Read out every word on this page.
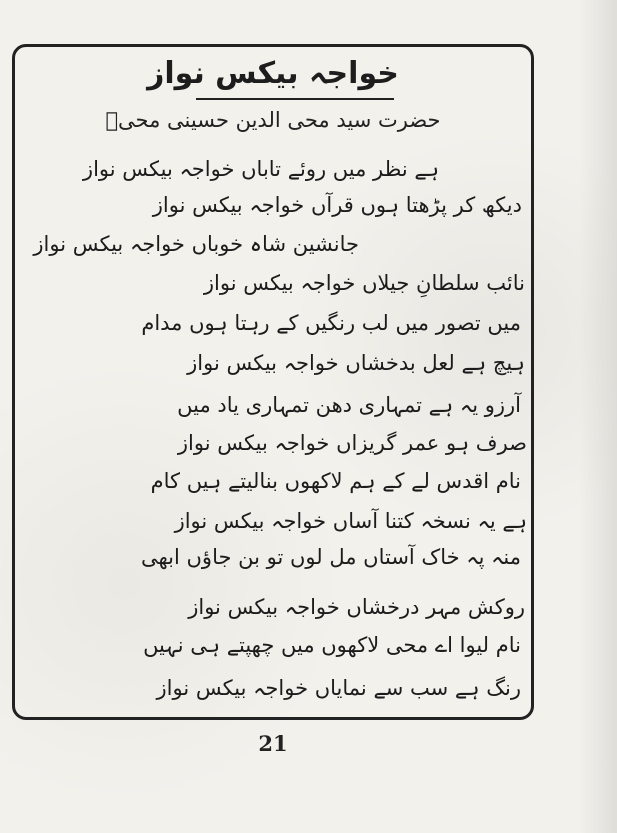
خواجہ بیکس نواز
حضرت سید محی الدین حسینی محیؔ
ہے نظر میں روئے تاباں خواجہ بیکس نواز
دیکھ کر پڑھتا ہوں قرآں خواجہ بیکس نواز
جانشین شاہ خوباں خواجہ بیکس نواز
نائب سلطانِ جیلاں خواجہ بیکس نواز
میں تصور میں لب رنگیں کے رہتا ہوں مدام
ہیچ ہے لعل بدخشاں خواجہ بیکس نواز
آرزو یہ ہے تمہاری دھن تمہاری یاد میں
صرف ہو عمر گریزاں خواجہ بیکس نواز
نام اقدس لے کے ہم لاکھوں بنالیتے ہیں کام
ہے یہ نسخہ کتنا آساں خواجہ بیکس نواز
منہ پہ خاک آستاں مل لوں تو بن جاؤں ابھی
روکش مہر درخشاں خواجہ بیکس نواز
نام لیوا اے محی لاکھوں میں چھپتے ہی نہیں
رنگ ہے سب سے نمایاں خواجہ بیکس نواز
21
